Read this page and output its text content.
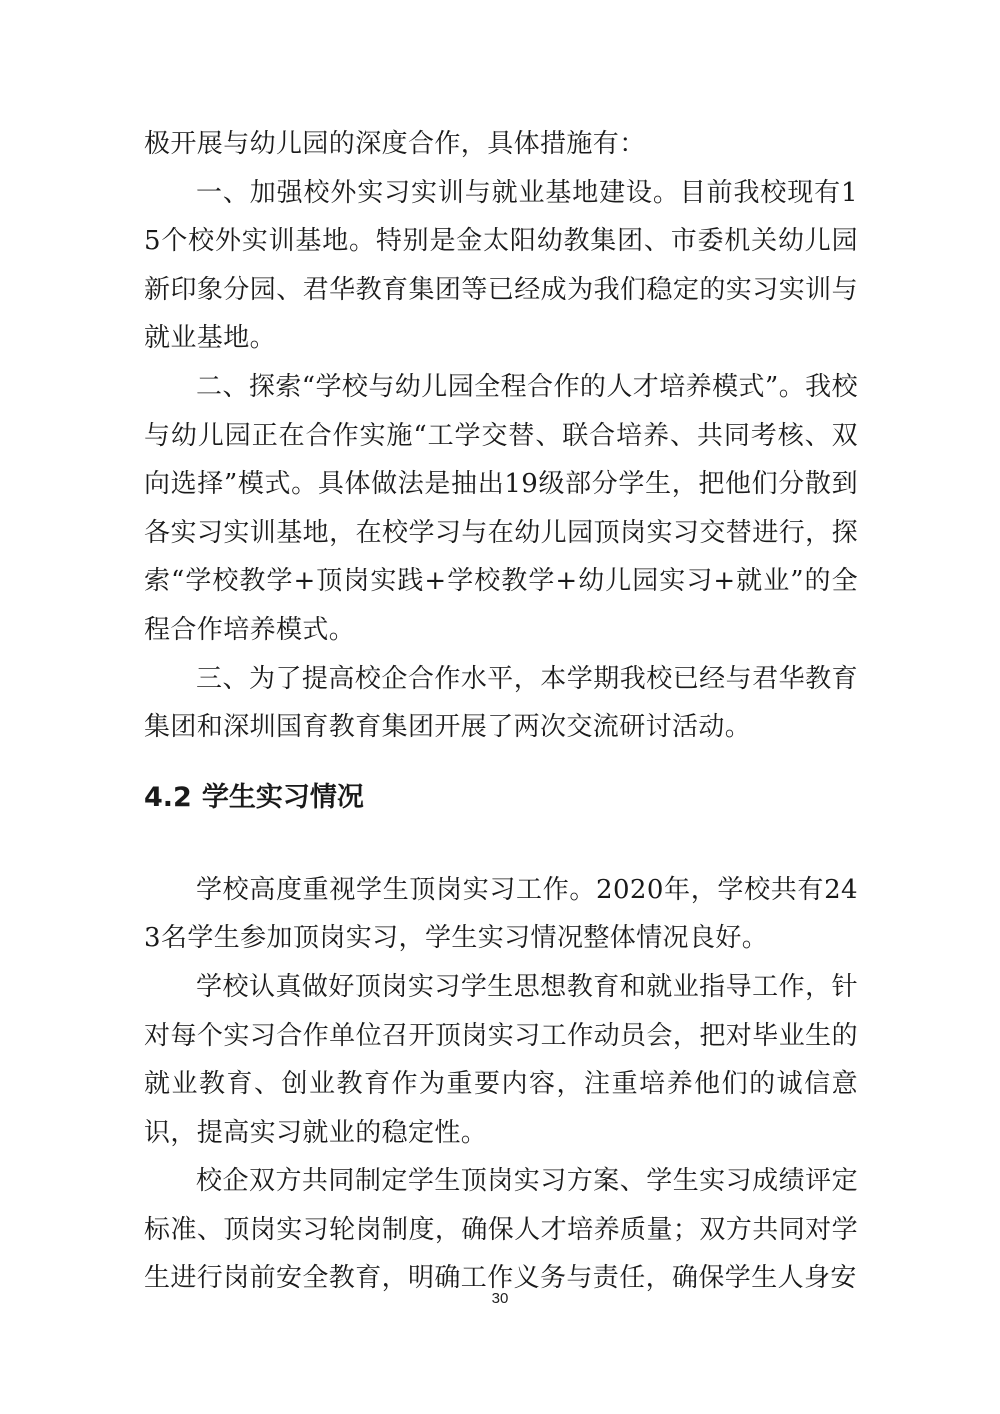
极开展与幼儿园的深度合作，具体措施有：

一、加强校外实习实训与就业基地建设。目前我校现有15个校外实训基地。特别是金太阳幼教集团、市委机关幼儿园新印象分园、君华教育集团等已经成为我们稳定的实习实训与就业基地。

二、探索“学校与幼儿园全程合作的人才培养模式”。我校与幼儿园正在合作实施“工学交替、联合培养、共同考核、双向选择”模式。具体做法是抽出19级部分学生，把他们分散到各实习实训基地，在校学习与在幼儿园顶岗实习交替进行，探索“学校教学+顶岗实践+学校教学+幼儿园实习+就业”的全程合作培养模式。

三、为了提高校企合作水平，本学期我校已经与君华教育集团和深圳国育教育集团开展了两次交流研讨活动。

4.2 学生实习情况

学校高度重视学生顶岗实习工作。2020年，学校共有243名学生参加顶岗实习，学生实习情况整体情况良好。

学校认真做好顶岗实习学生思想教育和就业指导工作，针对每个实习合作单位召开顶岗实习工作动员会，把对毕业生的就业教育、创业教育作为重要内容，注重培养他们的诚信意识，提高实习就业的稳定性。

校企双方共同制定学生顶岗实习方案、学生实习成绩评定标准、顶岗实习轮岗制度，确保人才培养质量；双方共同对学生进行岗前安全教育，明确工作义务与责任，确保学生人身安

30
